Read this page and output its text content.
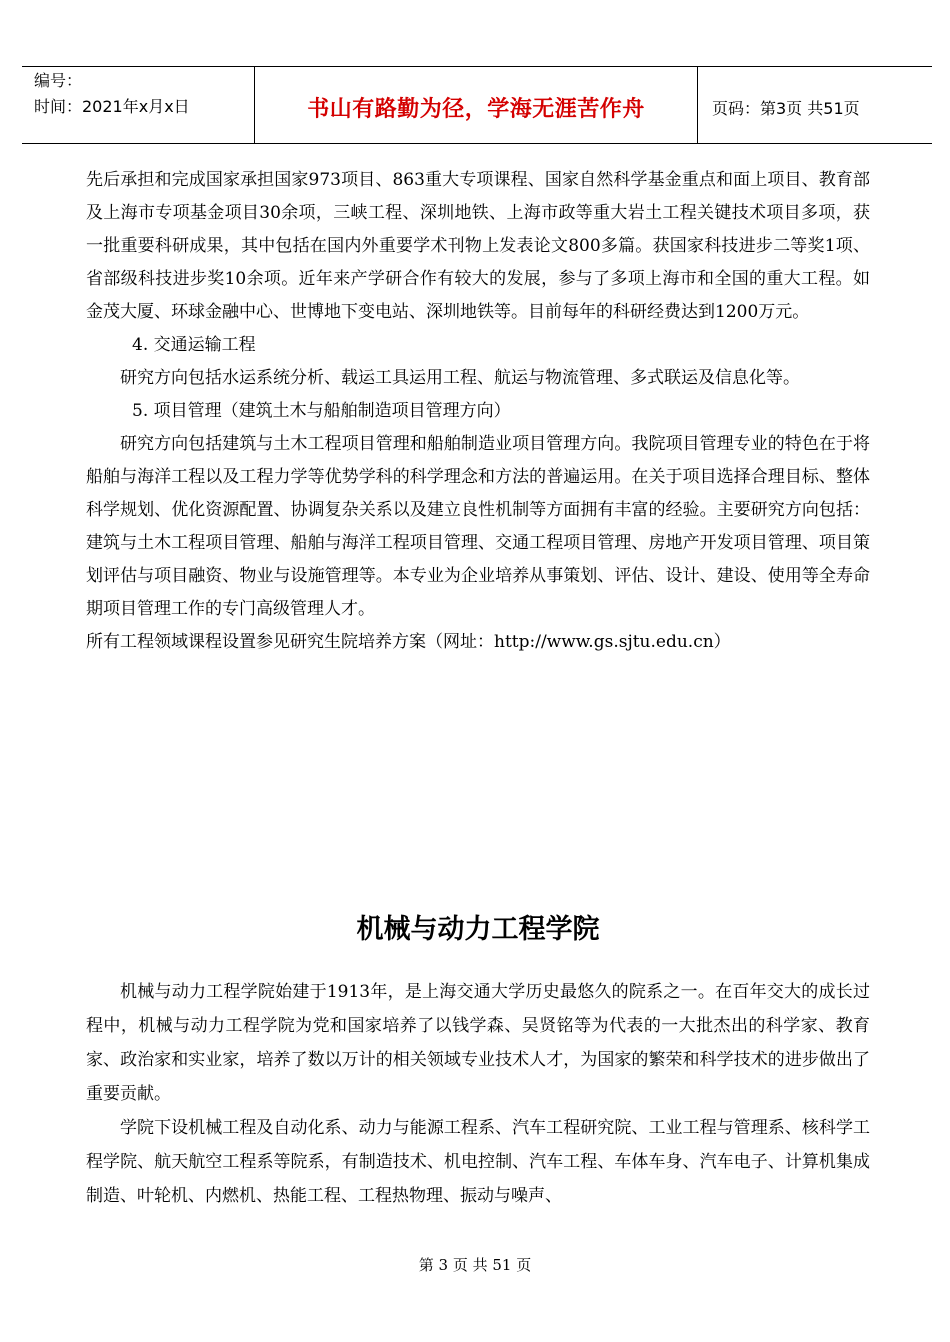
编号：
时间：2021年x月x日	书山有路勤为径，学海无涯苦作舟	页码：第3页 共51页

先后承担和完成国家承担国家973项目、863重大专项课程、国家自然科学基金重点和面上项目、教育部及上海市专项基金项目30余项，三峡工程、深圳地铁、上海市政等重大岩土工程关键技术项目多项，获一批重要科研成果，其中包括在国内外重要学术刊物上发表论文800多篇。获国家科技进步二等奖1项、省部级科技进步奖10余项。近年来产学研合作有较大的发展，参与了多项上海市和全国的重大工程。如金茂大厦、环球金融中心、世博地下变电站、深圳地铁等。目前每年的科研经费达到1200万元。

4. 交通运输工程

研究方向包括水运系统分析、载运工具运用工程、航运与物流管理、多式联运及信息化等。

5. 项目管理（建筑土木与船舶制造项目管理方向）

研究方向包括建筑与土木工程项目管理和船舶制造业项目管理方向。我院项目管理专业的特色在于将船舶与海洋工程以及工程力学等优势学科的科学理念和方法的普遍运用。在关于项目选择合理目标、整体科学规划、优化资源配置、协调复杂关系以及建立良性机制等方面拥有丰富的经验。主要研究方向包括：建筑与土木工程项目管理、船舶与海洋工程项目管理、交通工程项目管理、房地产开发项目管理、项目策划评估与项目融资、物业与设施管理等。本专业为企业培养从事策划、评估、设计、建设、使用等全寿命期项目管理工作的专门高级管理人才。

所有工程领域课程设置参见研究生院培养方案（网址：http://www.gs.sjtu.edu.cn）

机械与动力工程学院

机械与动力工程学院始建于1913年，是上海交通大学历史最悠久的院系之一。在百年交大的成长过程中，机械与动力工程学院为党和国家培养了以钱学森、吴贤铭等为代表的一大批杰出的科学家、教育家、政治家和实业家，培养了数以万计的相关领域专业技术人才，为国家的繁荣和科学技术的进步做出了重要贡献。

学院下设机械工程及自动化系、动力与能源工程系、汽车工程研究院、工业工程与管理系、核科学工程学院、航天航空工程系等院系，有制造技术、机电控制、汽车工程、车体车身、汽车电子、计算机集成制造、叶轮机、内燃机、热能工程、工程热物理、振动与噪声、

第 3 页 共 51 页
